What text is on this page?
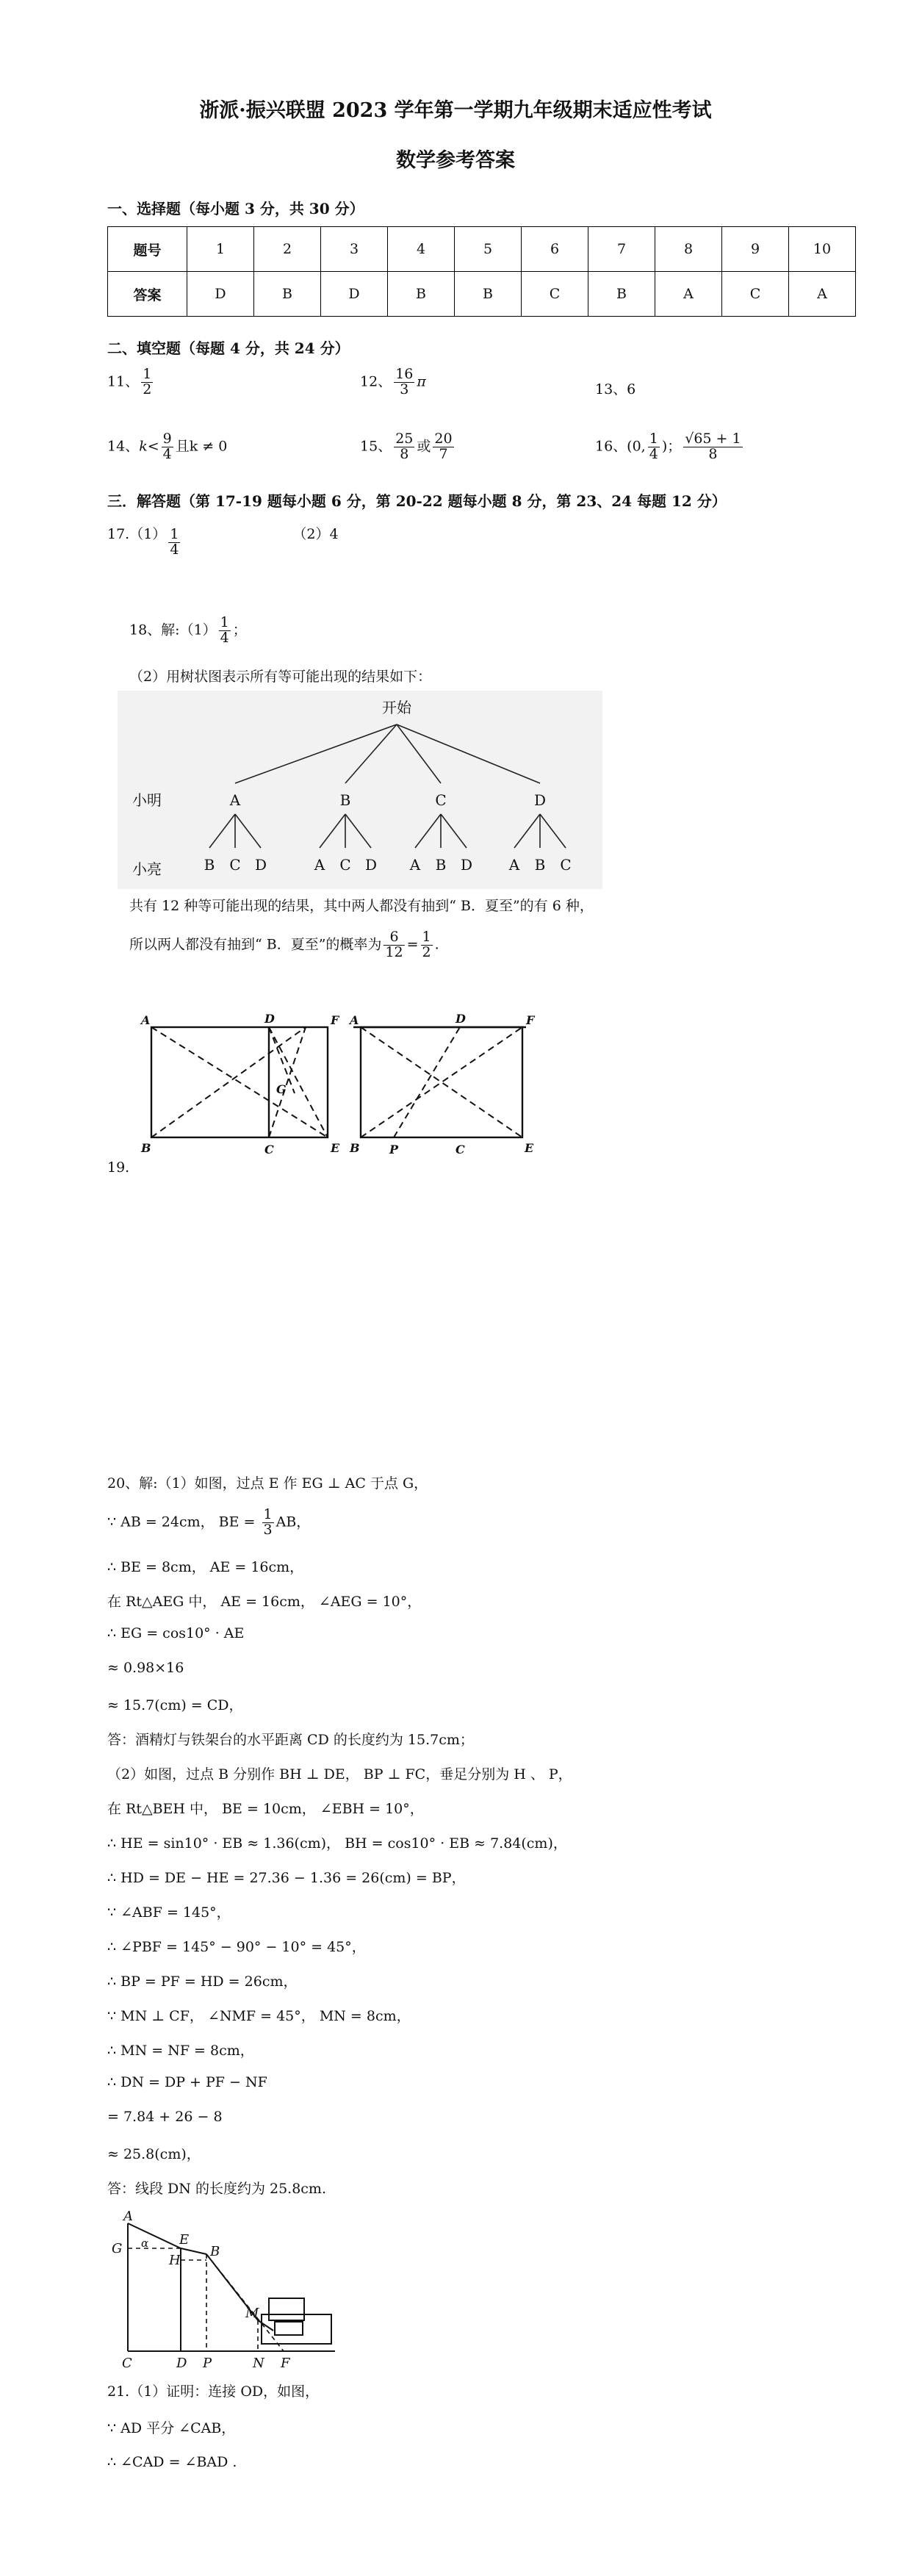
浙派·振兴联盟 2023 学年第一学期九年级期末适应性考试
数学参考答案
一、选择题（每小题 3 分，共 30 分）
题号	1	2	3	4	5	6	7	8	9	10
答案	D	B	D	B	B	C	B	A	C	A
二、填空题（每题 4 分，共 24 分）
11、 $\frac{1}{2}$	12、 $\frac{16}{3}$ π	13、6
14、$k< \frac{9}{4}$ 且k ≠ 0	15、 $\frac{25}{8}$ 或 $\frac{20}{7}$	16、(0, $\frac{1}{4}$ )； $\frac{√65 + 1}{8}$
三．解答题（第 17-19 题每小题 6 分，第 20-22 题每小题 8 分，第 23、24 每题 12 分）
$17.(1) \frac{1}{4}$	（2）4
18、解:（1） $\frac{1}{4}$ ；
（2）用树状图表示所有等可能出现的结果如下：
开始
小明
小亮
A	B	C	D
B C D	A C D A B D A B C
共有 12 种等可能出现的结果，其中两人都没有抽到“ B．夏至”的有 6 种，
所以两人都没有抽到“ B．夏至”的概率为 $\frac{6}{12} = \frac{1}{2}$ .
A	D	F
G
B	C	E
A	D	F
B	P	C	E
19.
20、解:（1）如图，过点 E 作 EG ⊥ AC 于点 G，
∵ AB = 24cm， BE = $\frac{1}{3}$ AB，
∴ BE = 8cm， AE = 16cm，
在 Rt△AEG 中， AE = 16cm， ∠AEG = 10°，
∴ EG = cos10° · AE
≈ 0.98×16
≈ 15.7(cm) = CD，
答：酒精灯与铁架台的水平距离 CD 的长度约为 15.7cm；
（2）如图，过点 B 分别作 BH ⊥ DE， BP ⊥ FC，垂足分别为 H 、 P，
在 Rt△BEH 中， BE = 10cm， ∠EBH = 10°，
∴ HE = sin10° · EB ≈ 1.36(cm)， BH = cos10° · EB ≈ 7.84(cm)，
∴ HD = DE − HE = 27.36 − 1.36 = 26(cm) = BP，
∵ ∠ABF = 145°，
∴ ∠PBF = 145° − 90° − 10° = 45°，
∴ BP = PF = HD = 26cm，
∵ MN ⊥ CF， ∠NMF = 45°， MN = 8cm，
∴ MN = NF = 8cm，
∴ DN = DP + PF − NF
= 7.84 + 26 − 8
≈ 25.8(cm)，
答：线段 DN 的长度约为 25.8cm.
A
G α E
H
B
M
C	D P	N F
21.（1）证明：连接 OD，如图，
∵ AD 平分 ∠CAB，
∴ ∠CAD = ∠BAD .
